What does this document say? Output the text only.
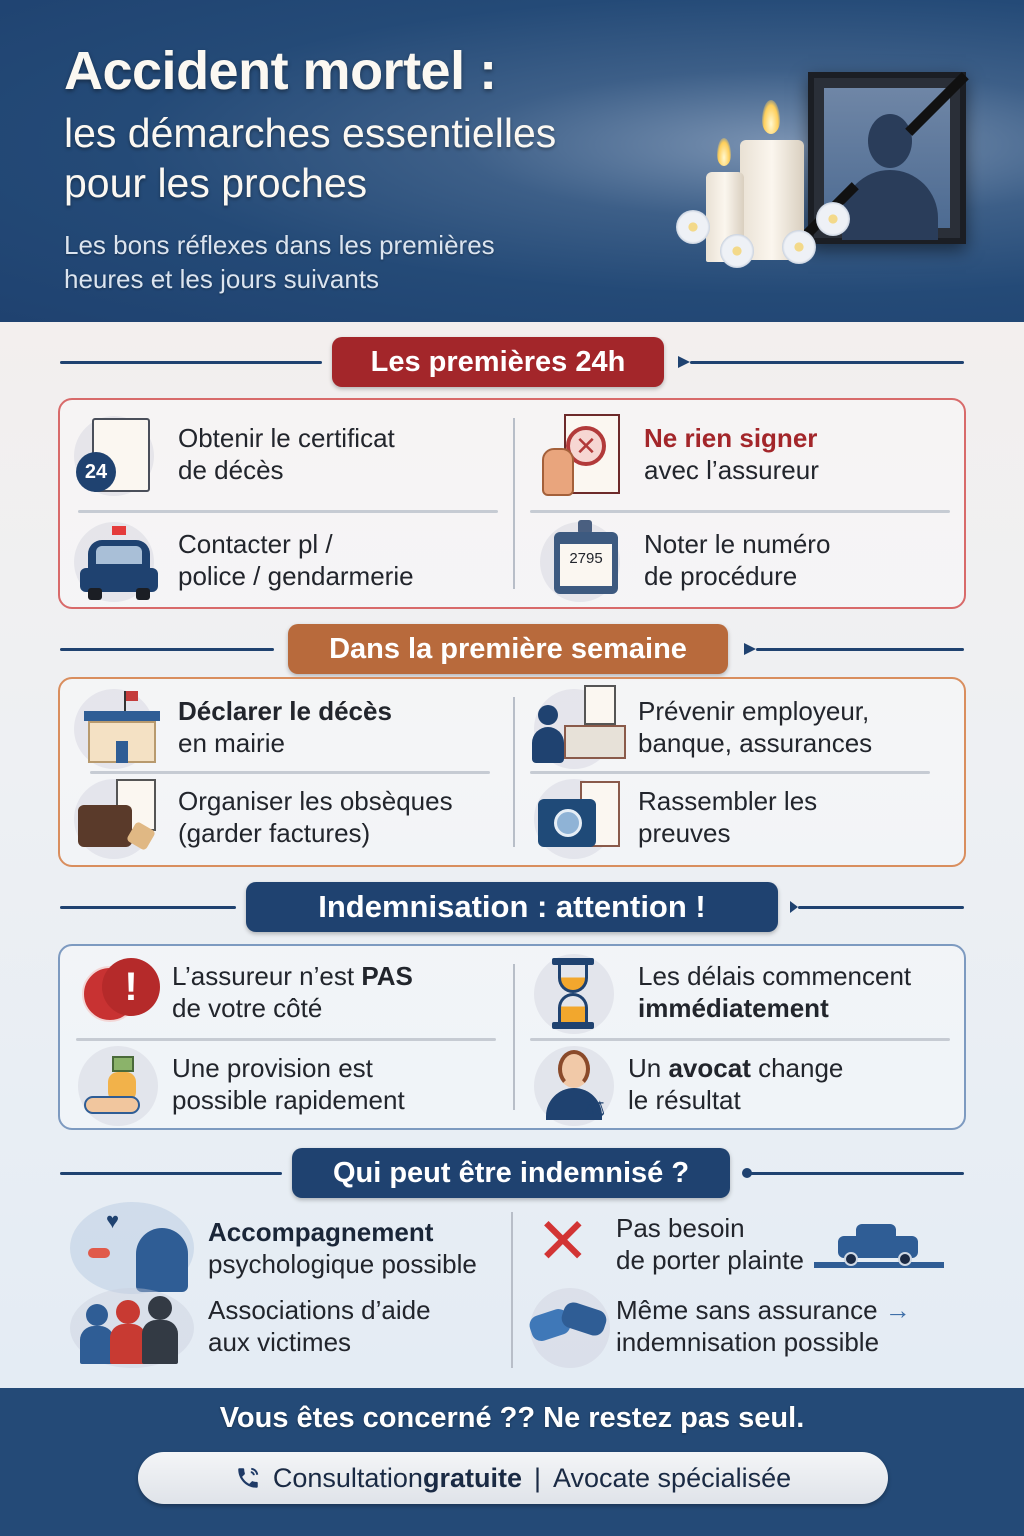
Accident mortel :
les démarches essentielles
pour les proches
Les bons réflexes dans les premières
heures et les jours suivants
Les premières 24h
24
Obtenir le certificat
de décès
✕	Ne rien signer
avec l’assureur
Contacter pl /
police / gendarmerie
2795	Noter le numéro
de procédure
Dans la première semaine
Déclarer le décès
en mairie
Prévenir employeur,
banque, assurances
Organiser les obsèques
(garder factures)
Rassembler les
preuves
Indemnisation : attention !
!	L’assureur n’est PAS
de votre côté
Les délais commencent
immédiatement
Une provision est
possible rapidement	⚖
Un avocat change
le résultat
Qui peut être indemnisé ?
♥	Accompagnement
psychologique possible ✕ Pas besoin
de porter plainte
Associations d’aide
aux victimes
Même sans assurance →
indemnisation possible
Vous êtes concerné ?? Ne restez pas seul.
Consultation gratuite | Avocate spécialisée
